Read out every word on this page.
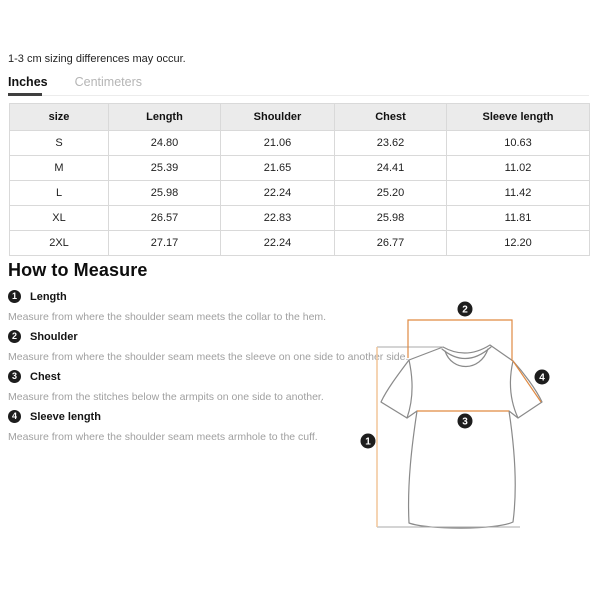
1-3 cm sizing differences may occur.
Inches Centimeters
size	Length	Shoulder	Chest	Sleeve length
S	24.80	21.06	23.62	10.63
M	25.39	21.65	24.41	11.02
L	25.98	22.24	25.20	11.42
XL	26.57	22.83	25.98	11.81
2XL	27.17	22.24	26.77	12.20
How to Measure
1	Length

Measure from where the shoulder seam meets the collar to the hem.

2	Shoulder

Measure from where the shoulder seam meets the sleeve on one side to another side.

3	Chest

Measure from the stitches below the armpits on one side to another.

4	Sleeve length

Measure from where the shoulder seam meets armhole to the cuff.	1
2
3
4
